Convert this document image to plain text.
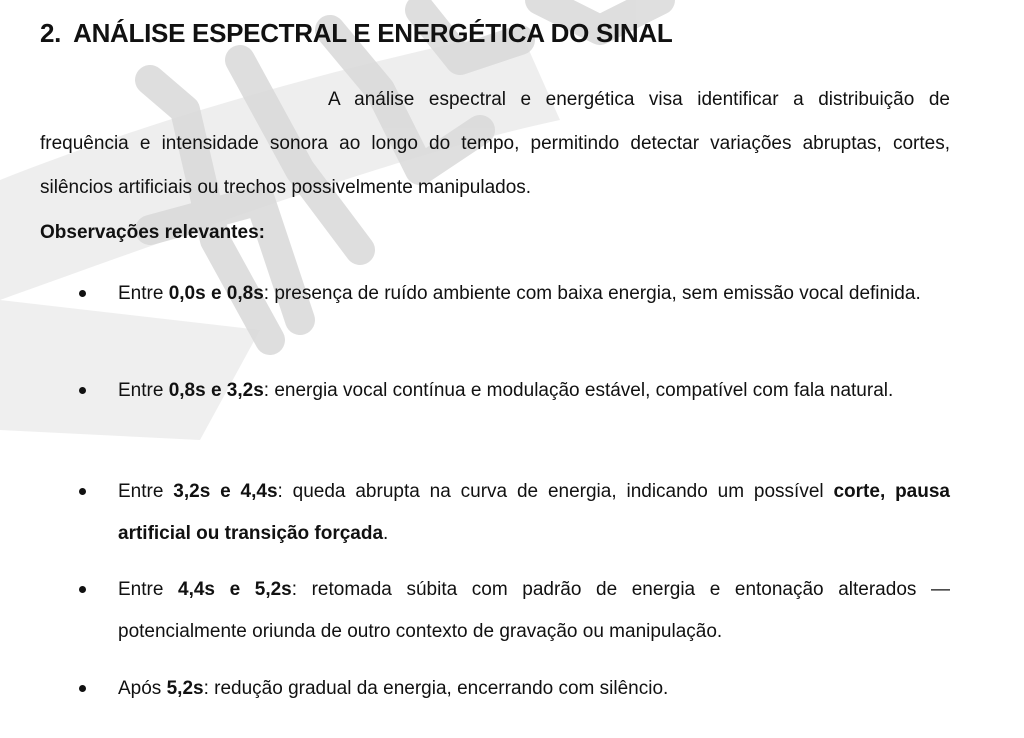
2. ANÁLISE ESPECTRAL E ENERGÉTICA DO SINAL

A análise espectral e energética visa identificar a distribuição de frequência e intensidade sonora ao longo do tempo, permitindo detectar variações abruptas, cortes, silêncios artificiais ou trechos possivelmente manipulados.

Observações relevantes:
Entre 0,0s e 0,8s: presença de ruído ambiente com baixa energia, sem emissão vocal definida.
Entre 0,8s e 3,2s: energia vocal contínua e modulação estável, compatível com fala natural.
Entre 3,2s e 4,4s: queda abrupta na curva de energia, indicando um possível corte, pausa artificial ou transição forçada.
Entre 4,4s e 5,2s: retomada súbita com padrão de energia e entonação alterados — potencialmente oriunda de outro contexto de gravação ou manipulação.
Após 5,2s: redução gradual da energia, encerrando com silêncio.
